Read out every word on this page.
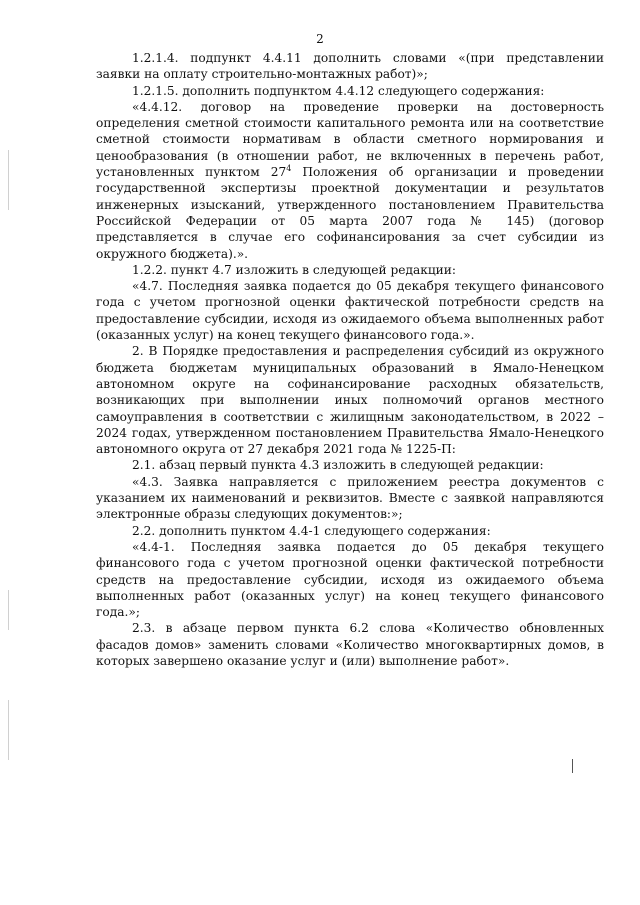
2

1.2.1.4. подпункт 4.4.11 дополнить словами «(при представлении заявки на оплату строительно-монтажных работ)»;

1.2.1.5. дополнить подпунктом 4.4.12 следующего содержания:

«4.4.12. договор на проведение проверки на достоверность определения сметной стоимости капитального ремонта или на соответствие сметной стоимости нормативам в области сметного нормирования и ценообразования (в отношении работ, не включенных в перечень работ, установленных пунктом $27^4$ Положения об организации и проведении государственной экспертизы проектной документации и результатов инженерных изысканий, утвержденного постановлением Правительства Российской Федерации от 05 марта 2007 года № 145) (договор представляется в случае его софинансирования за счет субсидии из окружного бюджета).».

1.2.2. пункт 4.7 изложить в следующей редакции:

«4.7. Последняя заявка подается до 05 декабря текущего финансового года с учетом прогнозной оценки фактической потребности средств на предоставление субсидии, исходя из ожидаемого объема выполненных работ (оказанных услуг) на конец текущего финансового года.».

2. В Порядке предоставления и распределения субсидий из окружного бюджета бюджетам муниципальных образований в Ямало-Ненецком автономном округе на софинансирование расходных обязательств, возникающих при выполнении иных полномочий органов местного самоуправления в соответствии с жилищным законодательством, в 2022 – 2024 годах, утвержденном постановлением Правительства Ямало-Ненецкого автономного округа от 27 декабря 2021 года № 1225-П:

2.1. абзац первый пункта 4.3 изложить в следующей редакции:

«4.3. Заявка направляется с приложением реестра документов с указанием их наименований и реквизитов. Вместе с заявкой направляются электронные образы следующих документов:»;

2.2. дополнить пунктом 4.4-1 следующего содержания:

«4.4-1. Последняя заявка подается до 05 декабря текущего финансового года с учетом прогнозной оценки фактической потребности средств на предоставление субсидии, исходя из ожидаемого объема выполненных работ (оказанных услуг) на конец текущего финансового года.»;

2.3. в абзаце первом пункта 6.2 слова «Количество обновленных фасадов домов» заменить словами «Количество многоквартирных домов, в которых завершено оказание услуг и (или) выполнение работ».
